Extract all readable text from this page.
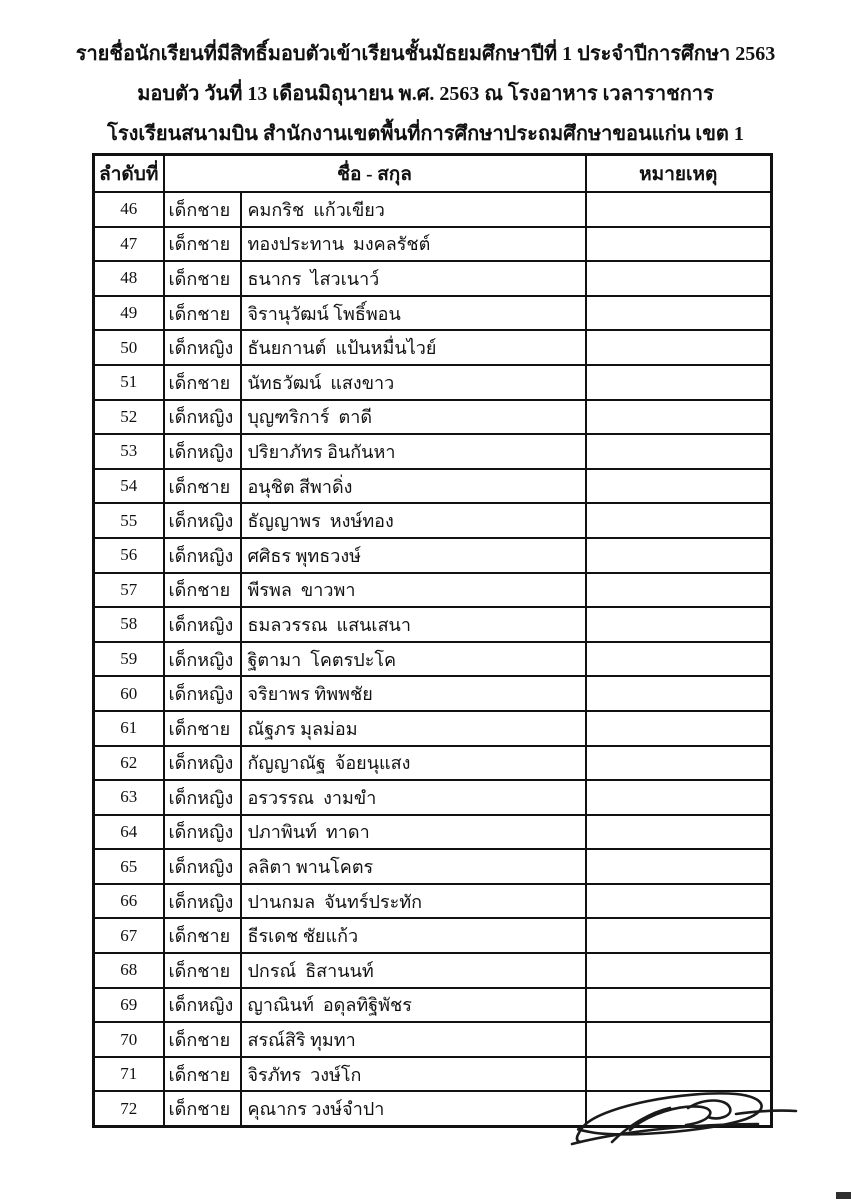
รายชื่อนักเรียนที่มีสิทธิ์มอบตัวเข้าเรียนชั้นมัธยมศึกษาปีที่ 1 ประจำปีการศึกษา 2563
มอบตัว วันที่ 13 เดือนมิถุนายน พ.ศ. 2563 ณ โรงอาหาร เวลาราชการ
โรงเรียนสนามบิน สำนักงานเขตพื้นที่การศึกษาประถมศึกษาขอนแก่น เขต 1
ลำดับที่	ชื่อ - สกุล		หมายเหตุ
46	เด็กชาย	คมกริช  แก้วเขียว	
47	เด็กชาย	ทองประทาน  มงคลรัชต์	
48	เด็กชาย	ธนากร  ไสวเนาว์	
49	เด็กชาย	จิรานุวัฒน์ โพธิ์พอน	
50	เด็กหญิง	ธันยกานต์  แป้นหมื่นไวย์	
51	เด็กชาย	นัทธวัฒน์  แสงขาว	
52	เด็กหญิง	บุญฑริการ์  ตาดี	
53	เด็กหญิง	ปริยาภัทร อินกันหา	
54	เด็กชาย	อนุชิต สีพาดิ่ง	
55	เด็กหญิง	ธัญญาพร  หงษ์ทอง	
56	เด็กหญิง	ศศิธร พุทธวงษ์	
57	เด็กชาย	พีรพล  ขาวพา	
58	เด็กหญิง	ธมลวรรณ  แสนเสนา	
59	เด็กหญิง	ฐิตามา  โคตรปะโค	
60	เด็กหญิง	จริยาพร ทิพพชัย	
61	เด็กชาย	ณัฐภร มุลม่อม	
62	เด็กหญิง	กัญญาณัฐ  จ้อยนุแสง	
63	เด็กหญิง	อรวรรณ  งามขำ	
64	เด็กหญิง	ปภาพินท์  ทาดา	
65	เด็กหญิง	ลลิตา พานโคตร	
66	เด็กหญิง	ปานกมล  จันทร์ประทัก	
67	เด็กชาย	ธีรเดช ชัยแก้ว	
68	เด็กชาย	ปกรณ์  ธิสานนท์	
69	เด็กหญิง	ญาณินท์  อดุลทิฐิพัชร	
70	เด็กชาย	สรณ์สิริ ทุมทา	
71	เด็กชาย	จิรภัทร  วงษ์โก	
72	เด็กชาย	คุณากร วงษ์จำปา	
